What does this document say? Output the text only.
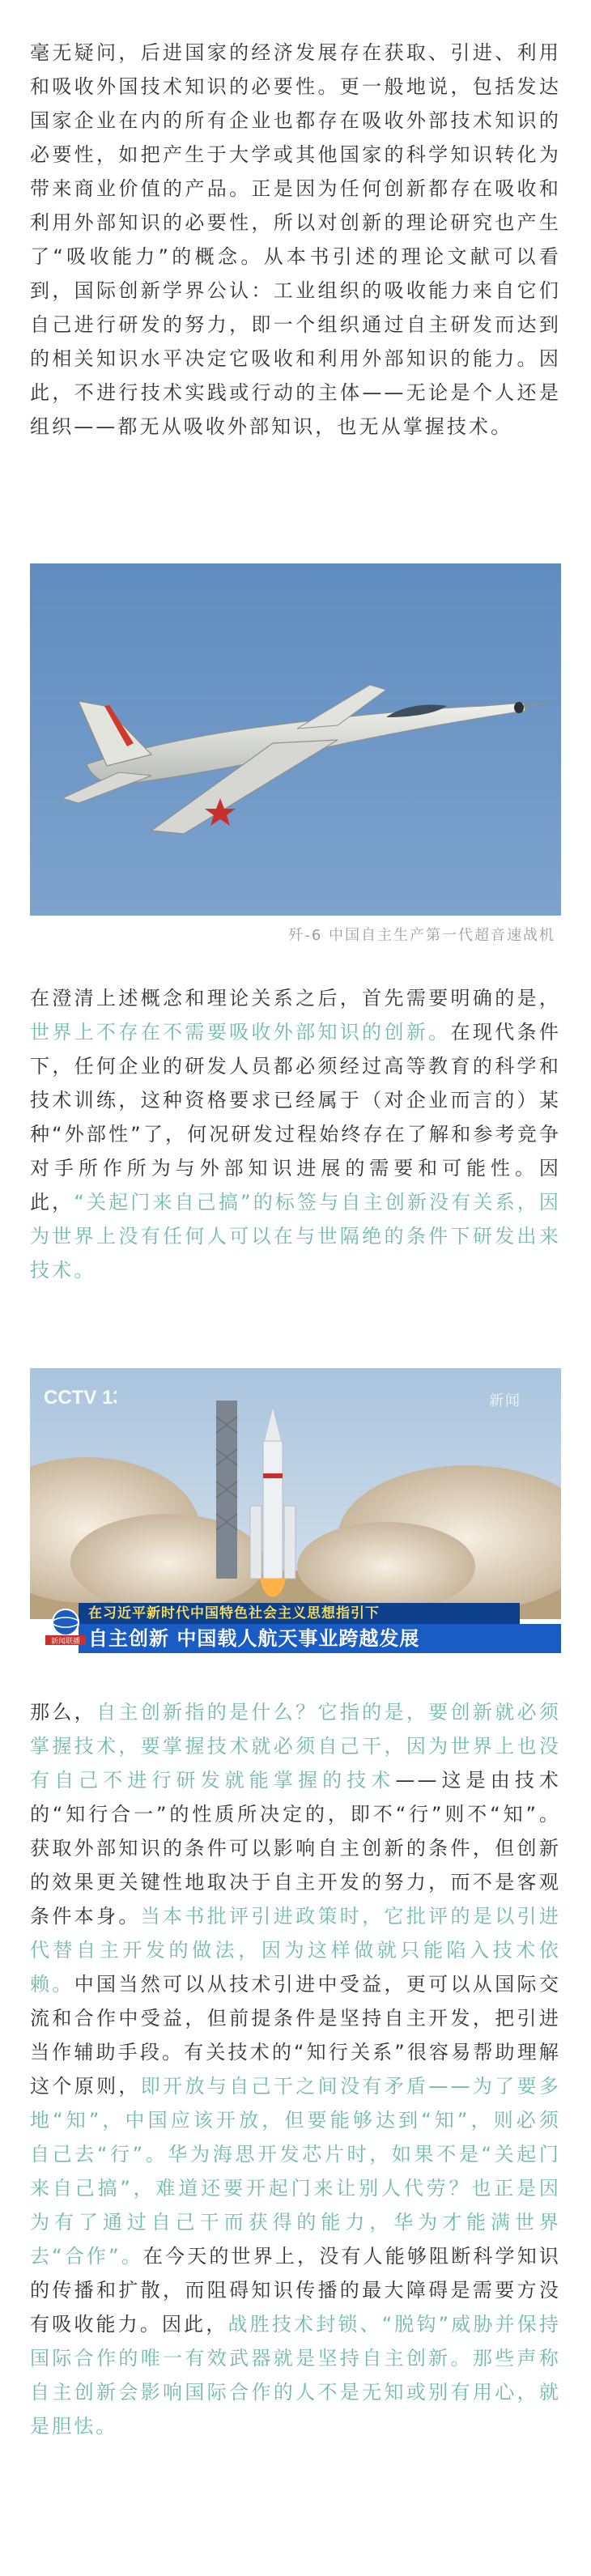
毫无疑问，后进国家的经济发展存在获取、引进、利用和吸收外国技术知识的必要性。更一般地说，包括发达国家企业在内的所有企业也都存在吸收外部技术知识的必要性，如把产生于大学或其他国家的科学知识转化为带来商业价值的产品。正是因为任何创新都存在吸收和利用外部知识的必要性，所以对创新的理论研究也产生了“吸收能力”的概念。从本书引述的理论文献可以看到，国际创新学界公认：工业组织的吸收能力来自它们自己进行研发的努力，即一个组织通过自主研发而达到的相关知识水平决定它吸收和利用外部知识的能力。因此，不进行技术实践或行动的主体——无论是个人还是组织——都无从吸收外部知识，也无从掌握技术。

歼-6 中国自主生产第一代超音速战机

在澄清上述概念和理论关系之后，首先需要明确的是，世界上不存在不需要吸收外部知识的创新。在现代条件下，任何企业的研发人员都必须经过高等教育的科学和技术训练，这种资格要求已经属于（对企业而言的）某种“外部性”了，何况研发过程始终存在了解和参考竞争对手所作所为与外部知识进展的需要和可能性。因此，“关起门来自己搞”的标签与自主创新没有关系，因为世界上没有任何人可以在与世隔绝的条件下研发出来技术。

CCTV 13	新闻
新闻联播
在习近平新时代中国特色社会主义思想指引下
自主创新 中国载人航天事业跨越发展

那么，自主创新指的是什么？它指的是，要创新就必须掌握技术，要掌握技术就必须自己干，因为世界上也没有自己不进行研发就能掌握的技术——这是由技术的“知行合一”的性质所决定的，即不“行”则不“知”。获取外部知识的条件可以影响自主创新的条件，但创新的效果更关键性地取决于自主开发的努力，而不是客观条件本身。当本书批评引进政策时，它批评的是以引进代替自主开发的做法，因为这样做就只能陷入技术依赖。中国当然可以从技术引进中受益，更可以从国际交流和合作中受益，但前提条件是坚持自主开发，把引进当作辅助手段。有关技术的“知行关系”很容易帮助理解这个原则，即开放与自己干之间没有矛盾——为了要多地“知”，中国应该开放，但要能够达到“知”，则必须自己去“行”。华为海思开发芯片时，如果不是“关起门来自己搞”，难道还要开起门来让别人代劳？也正是因为有了通过自己干而获得的能力，华为才能满世界去“合作”。在今天的世界上，没有人能够阻断科学知识的传播和扩散，而阻碍知识传播的最大障碍是需要方没有吸收能力。因此，战胜技术封锁、“脱钩”威胁并保持国际合作的唯一有效武器就是坚持自主创新。那些声称自主创新会影响国际合作的人不是无知或别有用心，就是胆怯。
